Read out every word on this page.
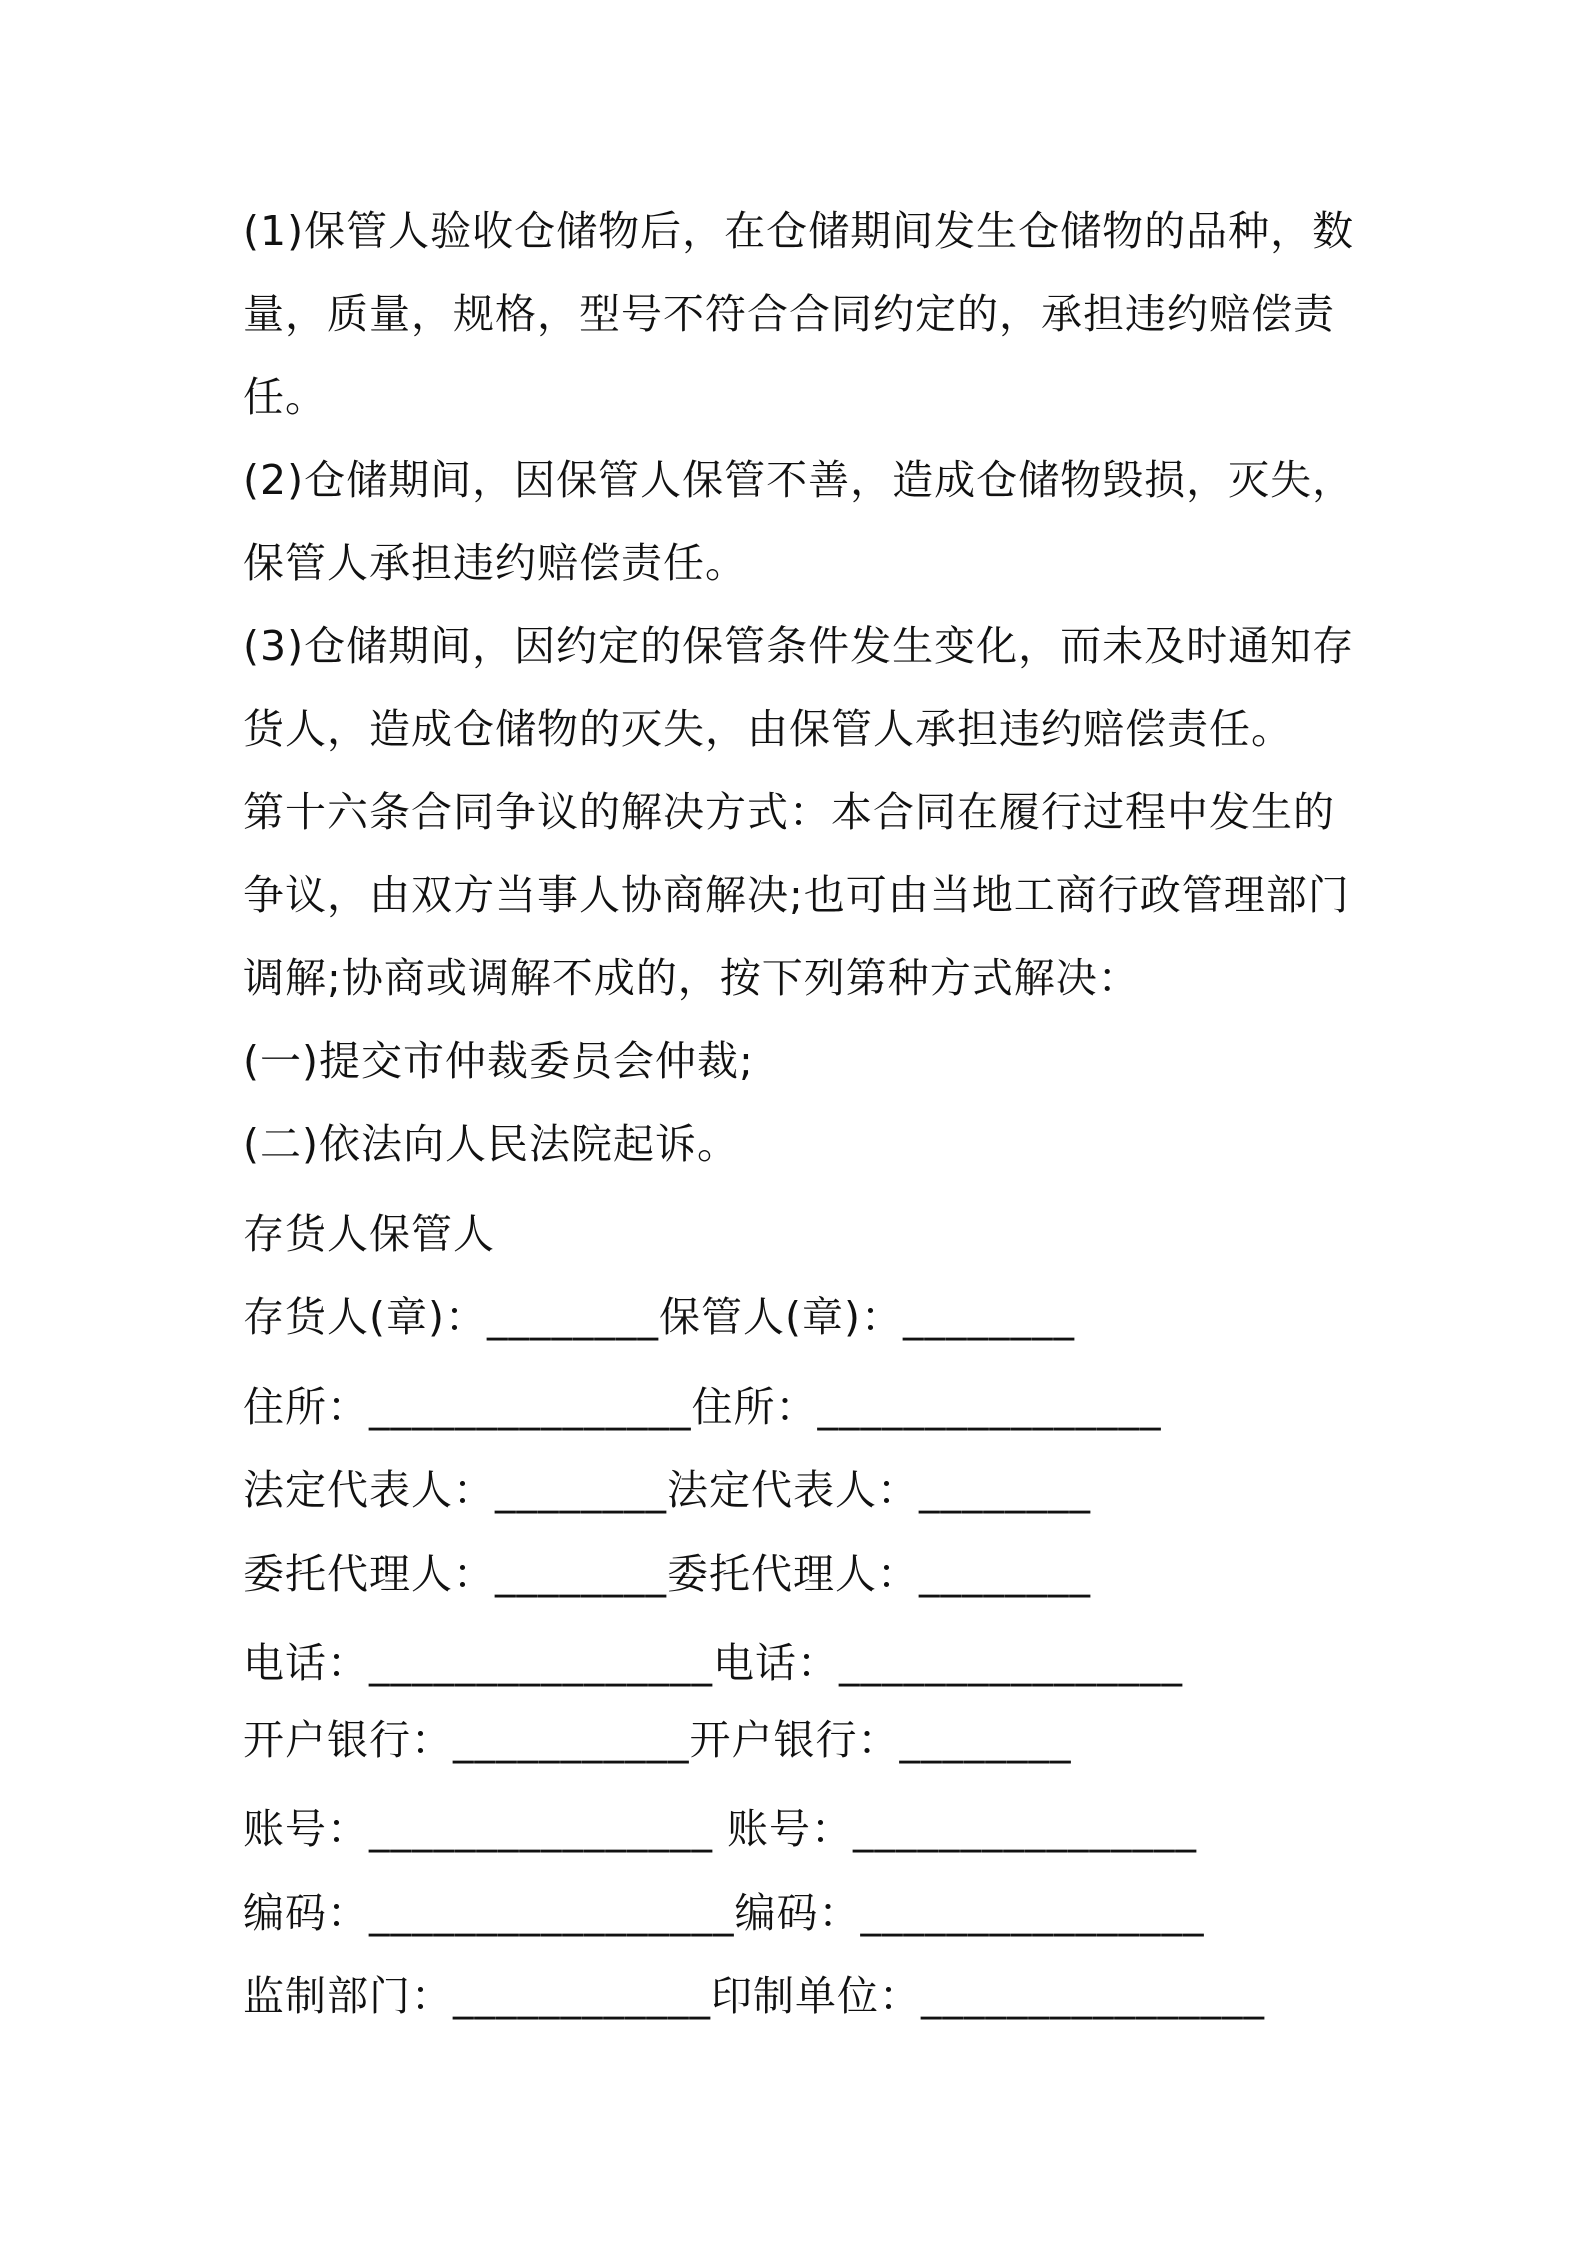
(1)保管人验收仓储物后，在仓储期间发生仓储物的品种，数量，质量，规格，型号不符合合同约定的，承担违约赔偿责任。
(2)仓储期间，因保管人保管不善，造成仓储物毁损，灭失，保管人承担违约赔偿责任。
(3)仓储期间，因约定的保管条件发生变化，而未及时通知存货人，造成仓储物的灭失，由保管人承担违约赔偿责任。
第十六条合同争议的解决方式：本合同在履行过程中发生的争议，由双方当事人协商解决;也可由当地工商行政管理部门调解;协商或调解不成的，按下列第种方式解决：
(一)提交市仲裁委员会仲裁;
(二)依法向人民法院起诉。
存货人保管人
存货人(章)：________保管人(章)：________
住所：_______________住所：________________
法定代表人：________法定代表人：________
委托代理人：________委托代理人：________
电话：________________电话：________________
开户银行：___________开户银行：________
账号：________________ 账号：________________
编码：_________________编码：________________
监制部门：____________印制单位：________________
